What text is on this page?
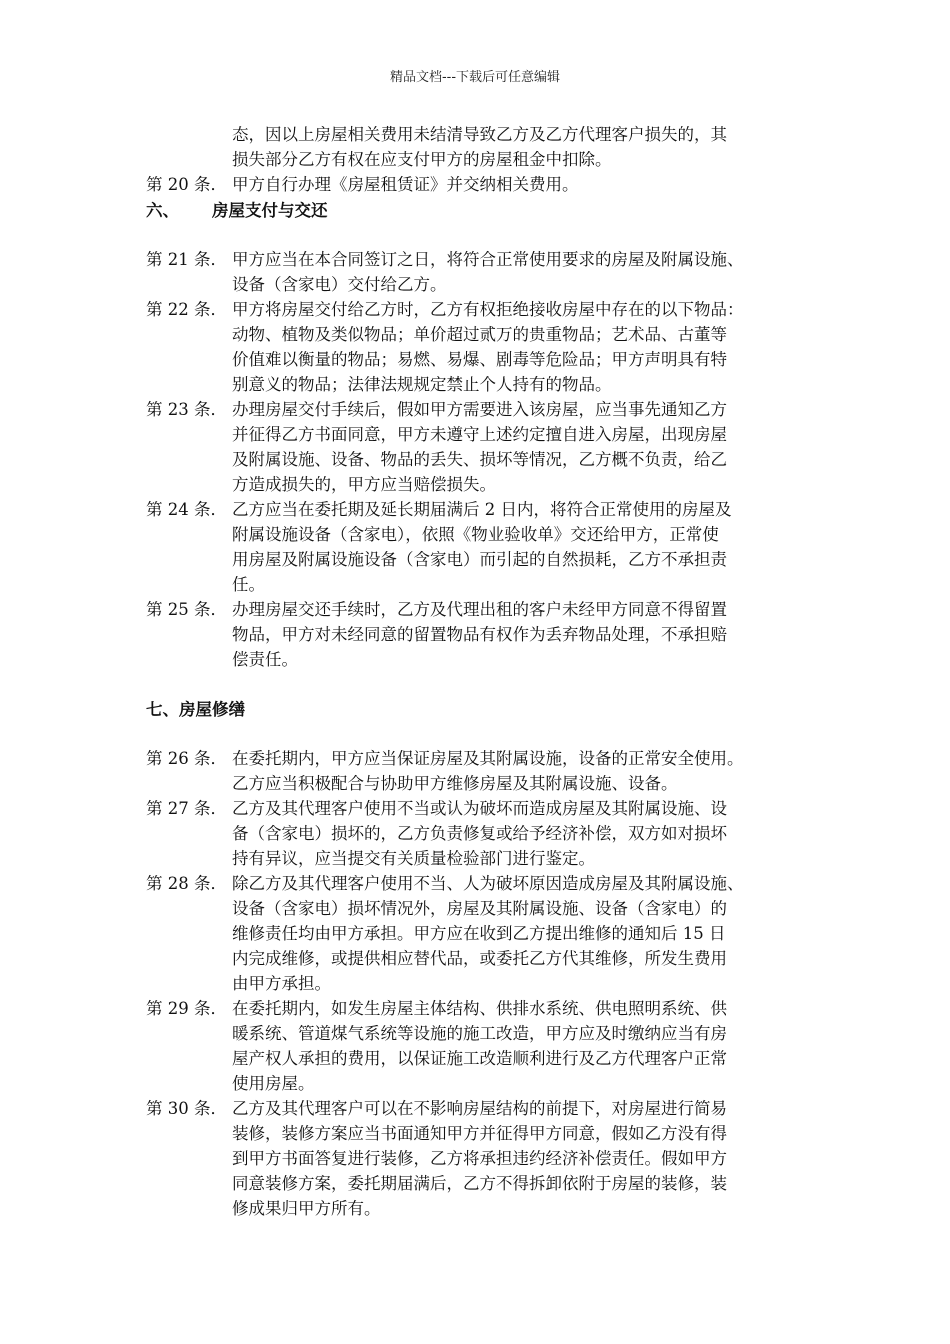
精品文档---下载后可任意编辑
态，因以上房屋相关费用未结清导致乙方及乙方代理客户损失的，其
损失部分乙方有权在应支付甲方的房屋租金中扣除。
第 20 条． 甲方自行办理《房屋租赁证》并交纳相关费用。
六、 房屋支付与交还
第 21 条． 甲方应当在本合同签订之日，将符合正常使用要求的房屋及附属设施、
设备（含家电）交付给乙方。
第 22 条． 甲方将房屋交付给乙方时，乙方有权拒绝接收房屋中存在的以下物品：
动物、植物及类似物品；单价超过贰万的贵重物品；艺术品、古董等
价值难以衡量的物品；易燃、易爆、剧毒等危险品；甲方声明具有特
别意义的物品；法律法规规定禁止个人持有的物品。
第 23 条． 办理房屋交付手续后，假如甲方需要进入该房屋，应当事先通知乙方
并征得乙方书面同意，甲方未遵守上述约定擅自进入房屋，出现房屋
及附属设施、设备、物品的丢失、损坏等情况，乙方概不负责，给乙
方造成损失的，甲方应当赔偿损失。
第 24 条． 乙方应当在委托期及延长期届满后 2 日内，将符合正常使用的房屋及
附属设施设备（含家电），依照《物业验收单》交还给甲方，正常使
用房屋及附属设施设备（含家电）而引起的自然损耗，乙方不承担责
任。
第 25 条． 办理房屋交还手续时，乙方及代理出租的客户未经甲方同意不得留置
物品，甲方对未经同意的留置物品有权作为丢弃物品处理，不承担赔
偿责任。
七、房屋修缮
第 26 条． 在委托期内，甲方应当保证房屋及其附属设施，设备的正常安全使用。
乙方应当积极配合与协助甲方维修房屋及其附属设施、设备。
第 27 条． 乙方及其代理客户使用不当或认为破坏而造成房屋及其附属设施、设
备（含家电）损坏的，乙方负责修复或给予经济补偿，双方如对损坏
持有异议，应当提交有关质量检验部门进行鉴定。
第 28 条． 除乙方及其代理客户使用不当、人为破坏原因造成房屋及其附属设施、
设备（含家电）损坏情况外，房屋及其附属设施、设备（含家电）的
维修责任均由甲方承担。甲方应在收到乙方提出维修的通知后 15 日
内完成维修，或提供相应替代品，或委托乙方代其维修，所发生费用
由甲方承担。
第 29 条． 在委托期内，如发生房屋主体结构、供排水系统、供电照明系统、供
暖系统、管道煤气系统等设施的施工改造，甲方应及时缴纳应当有房
屋产权人承担的费用，以保证施工改造顺利进行及乙方代理客户正常
使用房屋。
第 30 条． 乙方及其代理客户可以在不影响房屋结构的前提下，对房屋进行简易
装修，装修方案应当书面通知甲方并征得甲方同意，假如乙方没有得
到甲方书面答复进行装修，乙方将承担违约经济补偿责任。假如甲方
同意装修方案，委托期届满后，乙方不得拆卸依附于房屋的装修，装
修成果归甲方所有。
